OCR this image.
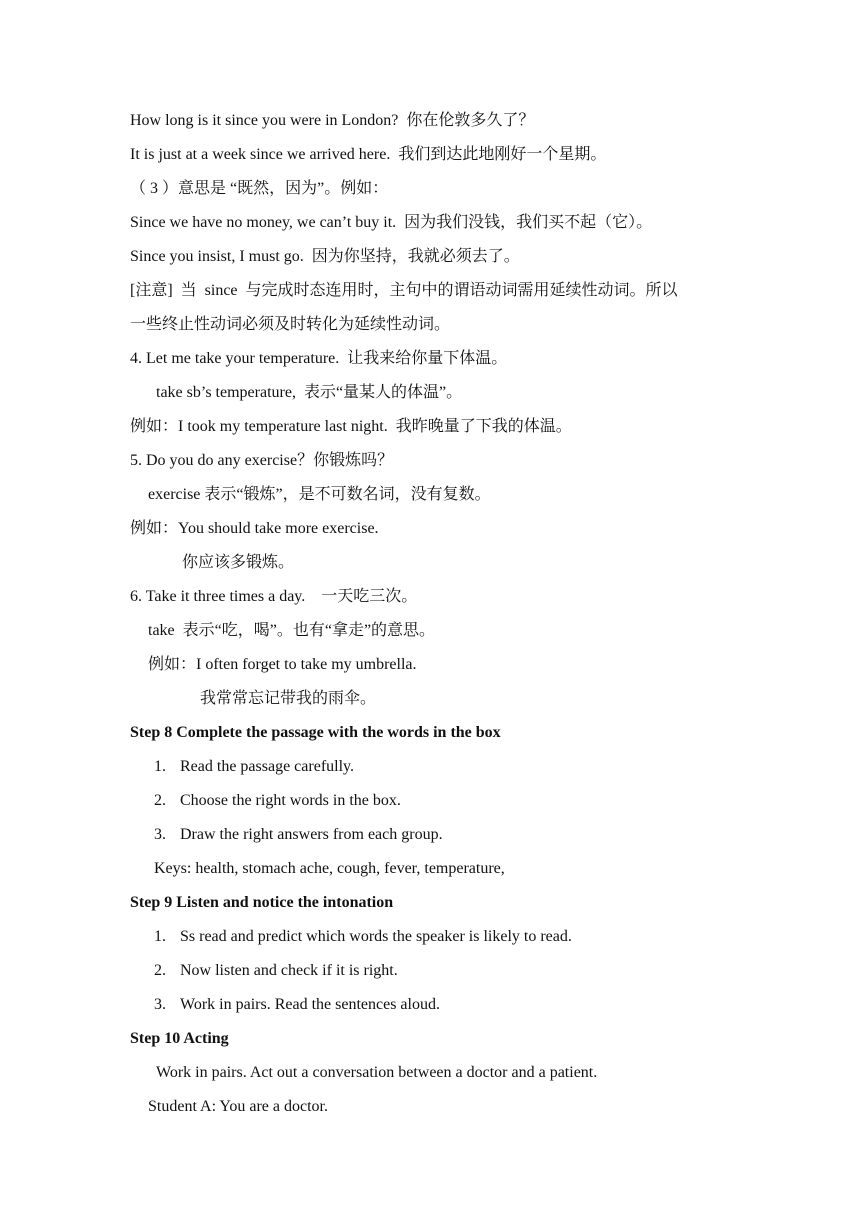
How long is it since you were in London?  你在伦敦多久了？
It is just at a week since we arrived here.  我们到达此地刚好一个星期。
（ 3 ）意思是 “既然，因为”。例如：
Since we have no money, we can’t buy it.  因为我们没钱，我们买不起（它）。
Since you insist, I must go.  因为你坚持，我就必须去了。
[注意]  当  since  与完成时态连用时，主句中的谓语动词需用延续性动词。所以
一些终止性动词必须及时转化为延续性动词。
4. Let me take your temperature.  让我来给你量下体温。
take sb’s temperature,  表示“量某人的体温”。
例如：I took my temperature last night.  我昨晚量了下我的体温。
5. Do you do any exercise？你锻炼吗？
exercise 表示“锻炼”，是不可数名词，没有复数。
例如：You should take more exercise.
你应该多锻炼。
6. Take it three times a day.    一天吃三次。
take  表示“吃，喝”。也有“拿走”的意思。
例如：I often forget to take my umbrella.
我常常忘记带我的雨伞。
Step 8 Complete the passage with the words in the box
1. Read the passage carefully.
2. Choose the right words in the box.
3. Draw the right answers from each group.
Keys: health, stomach ache, cough, fever, temperature,
Step 9 Listen and notice the intonation
1. Ss read and predict which words the speaker is likely to read.
2. Now listen and check if it is right.
3. Work in pairs. Read the sentences aloud.
Step 10 Acting
Work in pairs. Act out a conversation between a doctor and a patient.
Student A: You are a doctor.
